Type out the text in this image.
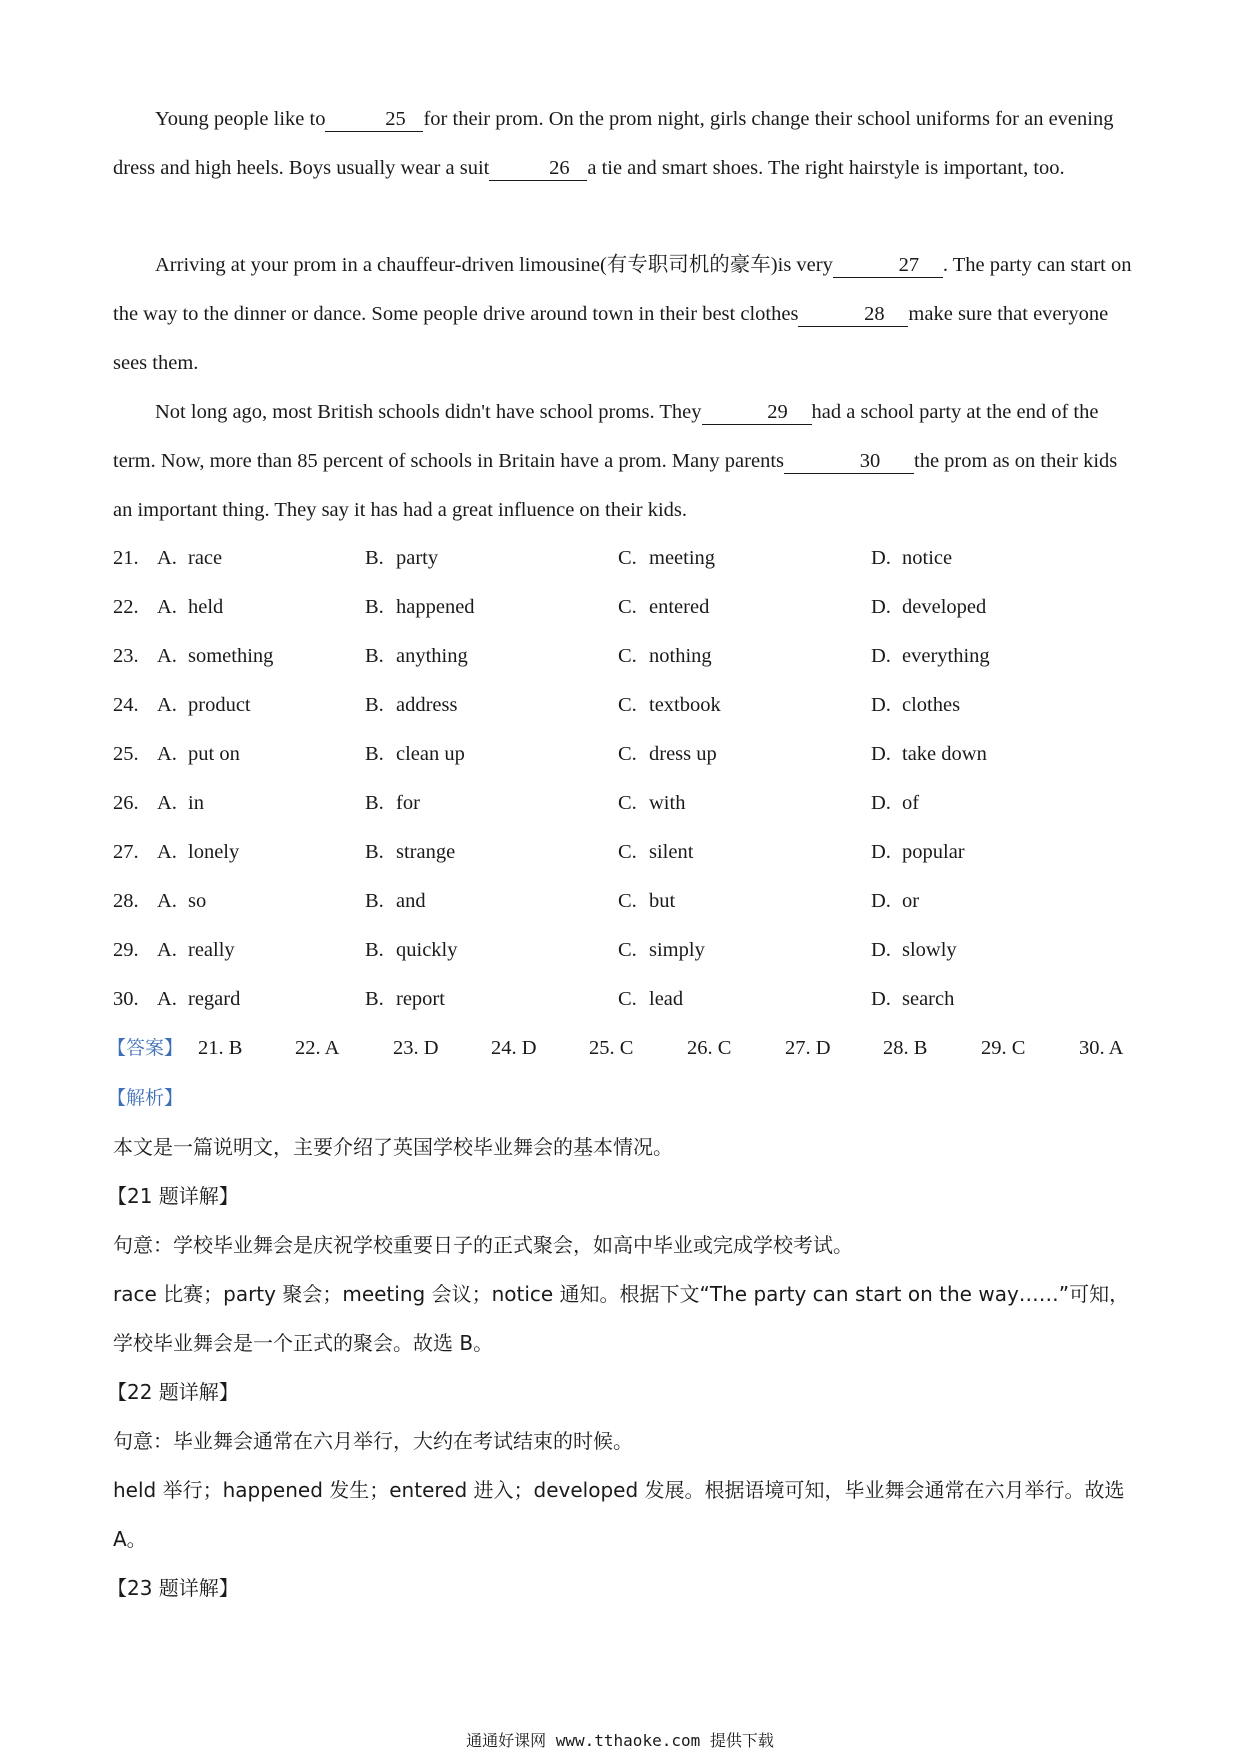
Young people like to	25 for their prom. On the prom night, girls change their school uniforms for an evening dress and high heels. Boys usually wear a suit	26 a tie and smart shoes. The right hairstyle is important, too.

Arriving at your prom in a chauffeur-driven limousine(有专职司机的豪车)is very	27 . The party can start on the way to the dinner or dance. Some people drive around town in their best clothes	28 make sure that everyone sees them.

Not long ago, most British schools didn't have school proms. They	29 had a school party at the end of the term. Now, more than 85 percent of schools in Britain have a prom. Many parents	30 the prom as on their kids an important thing. They say it has had a great influence on their kids.

21. A. race	B. party	C. meeting	D. notice
22. A. held	B. happened	C. entered	D. developed
23. A. something	B. anything	C. nothing	D. everything
24. A. product	B. address	C. textbook	D. clothes
25. A. put on	B. clean up	C. dress up	D. take down
26. A. in	B. for	C. with	D. of
27. A. lonely	B. strange	C. silent	D. popular
28. A. so	B. and	C. but	D. or
29. A. really	B. quickly	C. simply	D. slowly
30. A. regard	B. report	C. lead	D. search
【答案】 21. B	22. A	23. D	24. D	25. C	26. C	27. D	28. B	29. C	30. A
【解析】

本文是一篇说明文，主要介绍了英国学校毕业舞会的基本情况。

【21 题详解】

句意：学校毕业舞会是庆祝学校重要日子的正式聚会，如高中毕业或完成学校考试。

race 比赛；party 聚会；meeting 会议；notice 通知。根据下文“The party can start on the way……”可知，学校毕业舞会是一个正式的聚会。故选 B。

【22 题详解】

句意：毕业舞会通常在六月举行，大约在考试结束的时候。

held 举行；happened 发生；entered 进入；developed 发展。根据语境可知，毕业舞会通常在六月举行。故选 A。

【23 题详解】

通通好课网 www.tthaoke.com 提供下载
